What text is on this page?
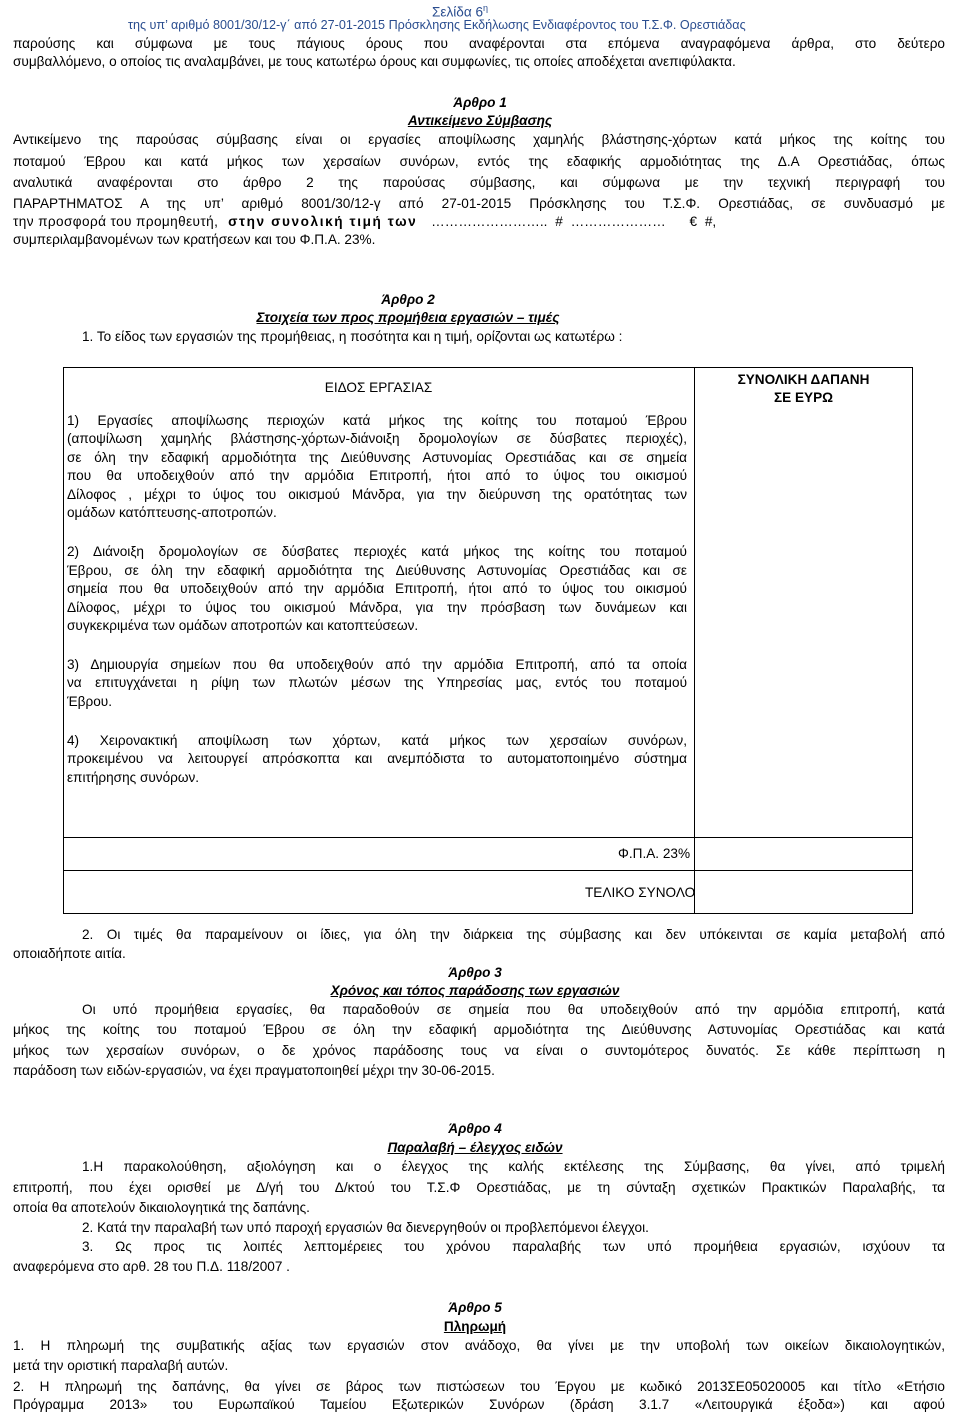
Σελίδα $6^\eta$
της υπ’ αριθμό 8001/30/12-γ΄ από 27-01-2015 Πρόσκλησης Εκδήλωσης Ενδιαφέροντος του Τ.Σ.Φ. Ορεστιάδας
παρούσης και σύμφωνα με τους πάγιους όρους που αναφέρονται στα επόμενα αναγραφόμενα άρθρα, στο δεύτερο
συμβαλλόμενο, ο οποίος τις αναλαμβάνει, με τους κατωτέρω όρους και συμφωνίες, τις οποίες αποδέχεται ανεπιφύλακτα.
Άρθρο 1
Αντικείμενο Σύμβασης
Αντικείμενο της παρούσας σύμβασης είναι οι εργασίες αποψίλωσης χαμηλής βλάστησης-χόρτων κατά μήκος της κοίτης του
ποταμού Έβρου και κατά μήκος των χερσαίων συνόρων, εντός της εδαφικής αρμοδιότητας της Δ.Α Ορεστιάδας, όπως
αναλυτικά αναφέρονται στο άρθρο 2 της παρούσας σύμβασης, και σύμφωνα με την τεχνική περιγραφή του
ΠΑΡΑΡΤΗΜΑΤΟΣ Α της υπ’ αριθμό 8001/30/12-γ από 27-01-2015 Πρόσκλησης του Τ.Σ.Φ. Ορεστιάδας, σε συνδυασμό με
την προσφορά του προμηθευτή, στην συνολική τιμή των …………………….. # ………………… € #,
συμπεριλαμβανομένων των κρατήσεων και του Φ.Π.Α. 23%.
Άρθρο 2
Στοιχεία των προς προμήθεια εργασιών – τιμές
1. Το είδος των εργασιών της προμήθειας, η ποσότητα και η τιμή, ορίζονται ως κατωτέρω :
ΕΙΔΟΣ ΕΡΓΑΣΙΑΣ
ΣΥΝΟΛΙΚΗ ΔΑΠΑΝΗ
ΣΕ ΕΥΡΩ
1) Εργασίες αποψίλωσης περιοχών κατά μήκος της κοίτης του ποταμού Έβρου
(αποψίλωση χαμηλής βλάστησης-χόρτων-διάνοιξη δρομολογίων σε δύσβατες περιοχές),
σε όλη την εδαφική αρμοδιότητα της Διεύθυνσης Αστυνομίας Ορεστιάδας και σε σημεία
που θα υποδειχθούν από την αρμόδια Επιτροπή, ήτοι από το ύψος του οικισμού
Δίλοφος , μέχρι το ύψος του οικισμού Μάνδρα, για την διεύρυνση της ορατότητας των
ομάδων κατόπτευσης-αποτροπών.
2) Διάνοιξη δρομολογίων σε δύσβατες περιοχές κατά μήκος της κοίτης του ποταμού
Έβρου, σε όλη την εδαφική αρμοδιότητα της Διεύθυνσης Αστυνομίας Ορεστιάδας και σε
σημεία που θα υποδειχθούν από την αρμόδια Επιτροπή, ήτοι από το ύψος του οικισμού
Δίλοφος, μέχρι το ύψος του οικισμού Μάνδρα, για την πρόσβαση των δυνάμεων και
συγκεκριμένα των ομάδων αποτροπών και κατοπτεύσεων.
3) Δημιουργία σημείων που θα υποδειχθούν από την αρμόδια Επιτροπή, από τα οποία
να επιτυγχάνεται η ρίψη των πλωτών μέσων της Υπηρεσίας μας, εντός του ποταμού
Έβρου.
4) Χειρονακτική αποψίλωση των χόρτων, κατά μήκος των χερσαίων συνόρων,
προκειμένου να λειτουργεί απρόσκοπτα και ανεμπόδιστα το αυτοματοποιημένο σύστημα
επιτήρησης συνόρων.
Φ.Π.Α. 23%
ΤΕΛΙΚΟ ΣΥΝΟΛΟ
2. Οι τιμές θα παραμείνουν οι ίδιες, για όλη την διάρκεια της σύμβασης και δεν υπόκεινται σε καμία μεταβολή από
οποιαδήποτε αιτία.
Άρθρο 3
Χρόνος και τόπος παράδοσης των εργασιών
Οι υπό προμήθεια εργασίες, θα παραδοθούν σε σημεία που θα υποδειχθούν από την αρμόδια επιτροπή, κατά
μήκος της κοίτης του ποταμού Έβρου σε όλη την εδαφική αρμοδιότητα της Διεύθυνσης Αστυνομίας Ορεστιάδας και κατά
μήκος των χερσαίων συνόρων, ο δε χρόνος παράδοσης τους να είναι ο συντομότερος δυνατός. Σε κάθε περίπτωση η
παράδοση των ειδών-εργασιών, να έχει πραγματοποιηθεί μέχρι την 30-06-2015.
Άρθρο 4
Παραλαβή – έλεγχος ειδών
1.Η παρακολούθηση, αξιολόγηση και ο έλεγχος της καλής εκτέλεσης της Σύμβασης, θα γίνει, από τριμελή
επιτροπή, που έχει ορισθεί με Δ/γή του Δ/κτού του Τ.Σ.Φ Ορεστιάδας, με τη σύνταξη σχετικών Πρακτικών Παραλαβής, τα
οποία θα αποτελούν δικαιολογητικά της δαπάνης.
2. Κατά την παραλαβή των υπό παροχή εργασιών θα διενεργηθούν οι προβλεπόμενοι έλεγχοι.
3. Ως προς τις λοιπές λεπτομέρειες του χρόνου παραλαβής των υπό προμήθεια εργασιών, ισχύουν τα
αναφερόμενα στο αρθ. 28 του Π.Δ. 118/2007 .
Άρθρο 5
Πληρωμή
1. Η πληρωμή της συμβατικής αξίας των εργασιών στον ανάδοχο, θα γίνει με την υποβολή των οικείων δικαιολογητικών,
μετά την οριστική παραλαβή αυτών.
2. Η πληρωμή της δαπάνης, θα γίνει σε βάρος των πιστώσεων του Έργου με κωδικό 2013ΣΕ05020005 και τίτλο «Ετήσιο
Πρόγραμμα 2013» του Ευρωπαϊκού Ταμείου Εξωτερικών Συνόρων (δράση 3.1.7 «Λειτουργικά έξοδα») και αφού
